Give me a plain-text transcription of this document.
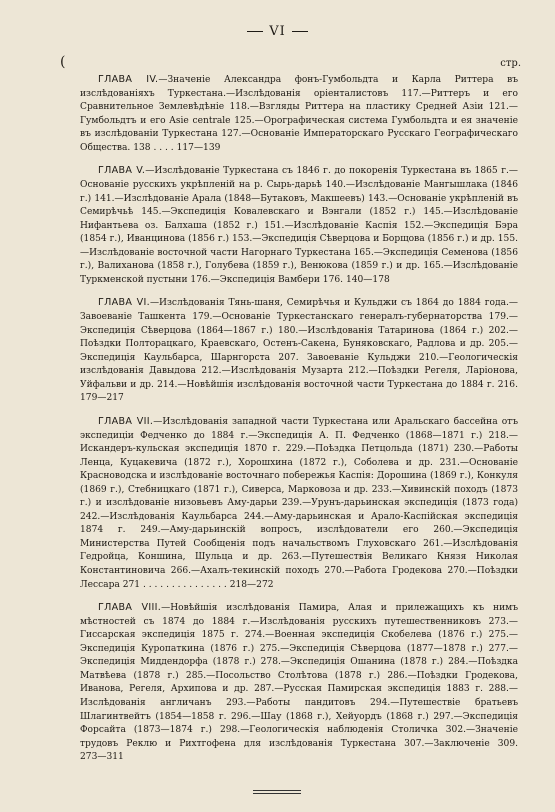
VI
(	стр.

ГЛАВА IV.—Значенiе Александра фонъ-Гумбольдта и Карла Риттера въ изслѣдованiяхъ Туркестана.—Изслѣдованiя орiенталистовъ 117.—Риттеръ и его Сравнительное Землевѣдѣнiе 118.—Взгляды Риттера на пластику Средней Азiи 121.—Гумбольдтъ и его Asie centrale 125.—Орографическая система Гумбольдта и ея значенiе въ изслѣдованiи Туркестана 127.—Основанiе Императорскаго Русскаго Географическаго Общества. 138 . . . . 117—139

ГЛАВА V.—Изслѣдованiе Туркестана съ 1846 г. до покоренiя Туркестана въ 1865 г.—Основанiе русскихъ укрѣпленiй на р. Сырь-дарьѣ 140.—Изслѣдованiе Мангышлака (1846 г.) 141.—Изслѣдованiе Арала (1848—Бутаковъ, Макшеевъ) 143.—Основанiе укрѣпленiй въ Семирѣчьѣ 145.—Экспедицiя Ковалевскаго и Вэнгали (1852 г.) 145.—Изслѣдованiе Нифантьева оз. Балхаша (1852 г.) 151.—Изслѣдованiе Каспiя 152.—Экспедицiя Бэра (1854 г.), Иванцинова (1856 г.) 153.—Экспедицiя Сѣверцова и Борщова (1856 г.) и др. 155.—Изслѣдованiе восточной части Нагорнаго Туркестана 165.—Экспедицiя Семенова (1856 г.), Валиханова (1858 г.), Голубева (1859 г.), Венюкова (1859 г.) и др. 165.—Изслѣдованiе Туркменской пустыни 176.—Экспедицiя Вамбери 176. 140—178

ГЛАВА VI.—Изслѣдованiя Тянь-шаня, Семирѣчья и Кульджи съ 1864 до 1884 года.—Завоеванiе Ташкента 179.—Основанiе Туркестанскаго генералъ-губернаторства 179.—Экспедицiя Сѣверцова (1864—1867 г.) 180.—Изслѣдованiя Татаринова (1864 г.) 202.—Поѣздки Полторацкаго, Краевскаго, Остенъ-Сакена, Буняковскаго, Радлова и др. 205.—Экспедицiя Каульбарса, Шарнгорста 207. Завоеванiе Кульджи 210.—Геологическiя изслѣдованiя Давыдова 212.—Изслѣдованiя Музарта 212.—Поѣздки Регеля, Ларiонова, Уйфальви и др. 214.—Новѣйшiя изслѣдованiя восточной части Туркестана до 1884 г. 216. 179—217

ГЛАВА VII.—Изслѣдованiя западной части Туркестана или Аральскаго бассейна отъ экспедицiи Федченко до 1884 г.—Экспедицiя А. П. Федченко (1868—1871 г.) 218.—Искандеръ-кульская экспедицiя 1870 г. 229.—Поѣздка Петцольда (1871) 230.—Работы Ленца, Куцакевича (1872 г.), Хорошхина (1872 г.), Соболева и др. 231.—Основанiе Красноводска и изслѣдованiе восточнаго побережья Каспiя: Дорошина (1869 г.), Конкуля (1869 г.), Стебницкаго (1871 г.), Сиверса, Марковоза и др. 233.—Хивинскiй походъ (1873 г.) и изслѣдованiе низовьевъ Аму-дарьи 239.—Урунъ-дарьинская экспедицiя (1873 года) 242.—Изслѣдованiя Каульбарса 244.—Аму-дарьинская и Арало-Каспiйская экспедицiя 1874 г. 249.—Аму-дарьинскiй вопросъ, изслѣдователи его 260.—Экспедицiя Министерства Путей Сообщенiя подъ начальствомъ Глуховскаго 261.—Изслѣдованiя Гедройца, Коншина, Шульца и др. 263.—Путешествiя Великаго Князя Николая Константиновича 266.—Ахалъ-текинскiй походъ 270.—Работа Гродекова 270.—Поѣздки Лессара 271 . . . . . . . . . . . . . . . 218—272

ГЛАВА VIII.—Новѣйшiя изслѣдованiя Памира, Алая и прилежащихъ къ нимъ мѣстностей съ 1874 до 1884 г.—Изслѣдованiя русскихъ путешественниковъ 273.—Гиссарская экспедицiя 1875 г. 274.—Военная экспедицiя Скобелева (1876 г.) 275.—Экспедицiя Куропаткина (1876 г.) 275.—Экспедицiя Сѣверцова (1877—1878 г.) 277.—Экспедицiя Миддендорфа (1878 г.) 278.—Экспедицiя Ошанина (1878 г.) 284.—Поѣздка Матвѣева (1878 г.) 285.—Посольство Столѣтова (1878 г.) 286.—Поѣздки Гродекова, Иванова, Регеля, Архипова и др. 287.—Русская Памирская экспедицiя 1883 г. 288.—Изслѣдованiя англичанъ 293.—Работы пандитовъ 294.—Путешествiе братьевъ Шлагинтвейтъ (1854—1858 г. 296.—Шау (1868 г.), Хейуордъ (1868 г.) 297.—Экспедицiя Форсайта (1873—1874 г.) 298.—Геологическiя наблюденiя Столичка 302.—Значенiе трудовъ Реклю и Рихтгофена для изслѣдованiя Туркестана 307.—Заключенiе 309. 273—311
